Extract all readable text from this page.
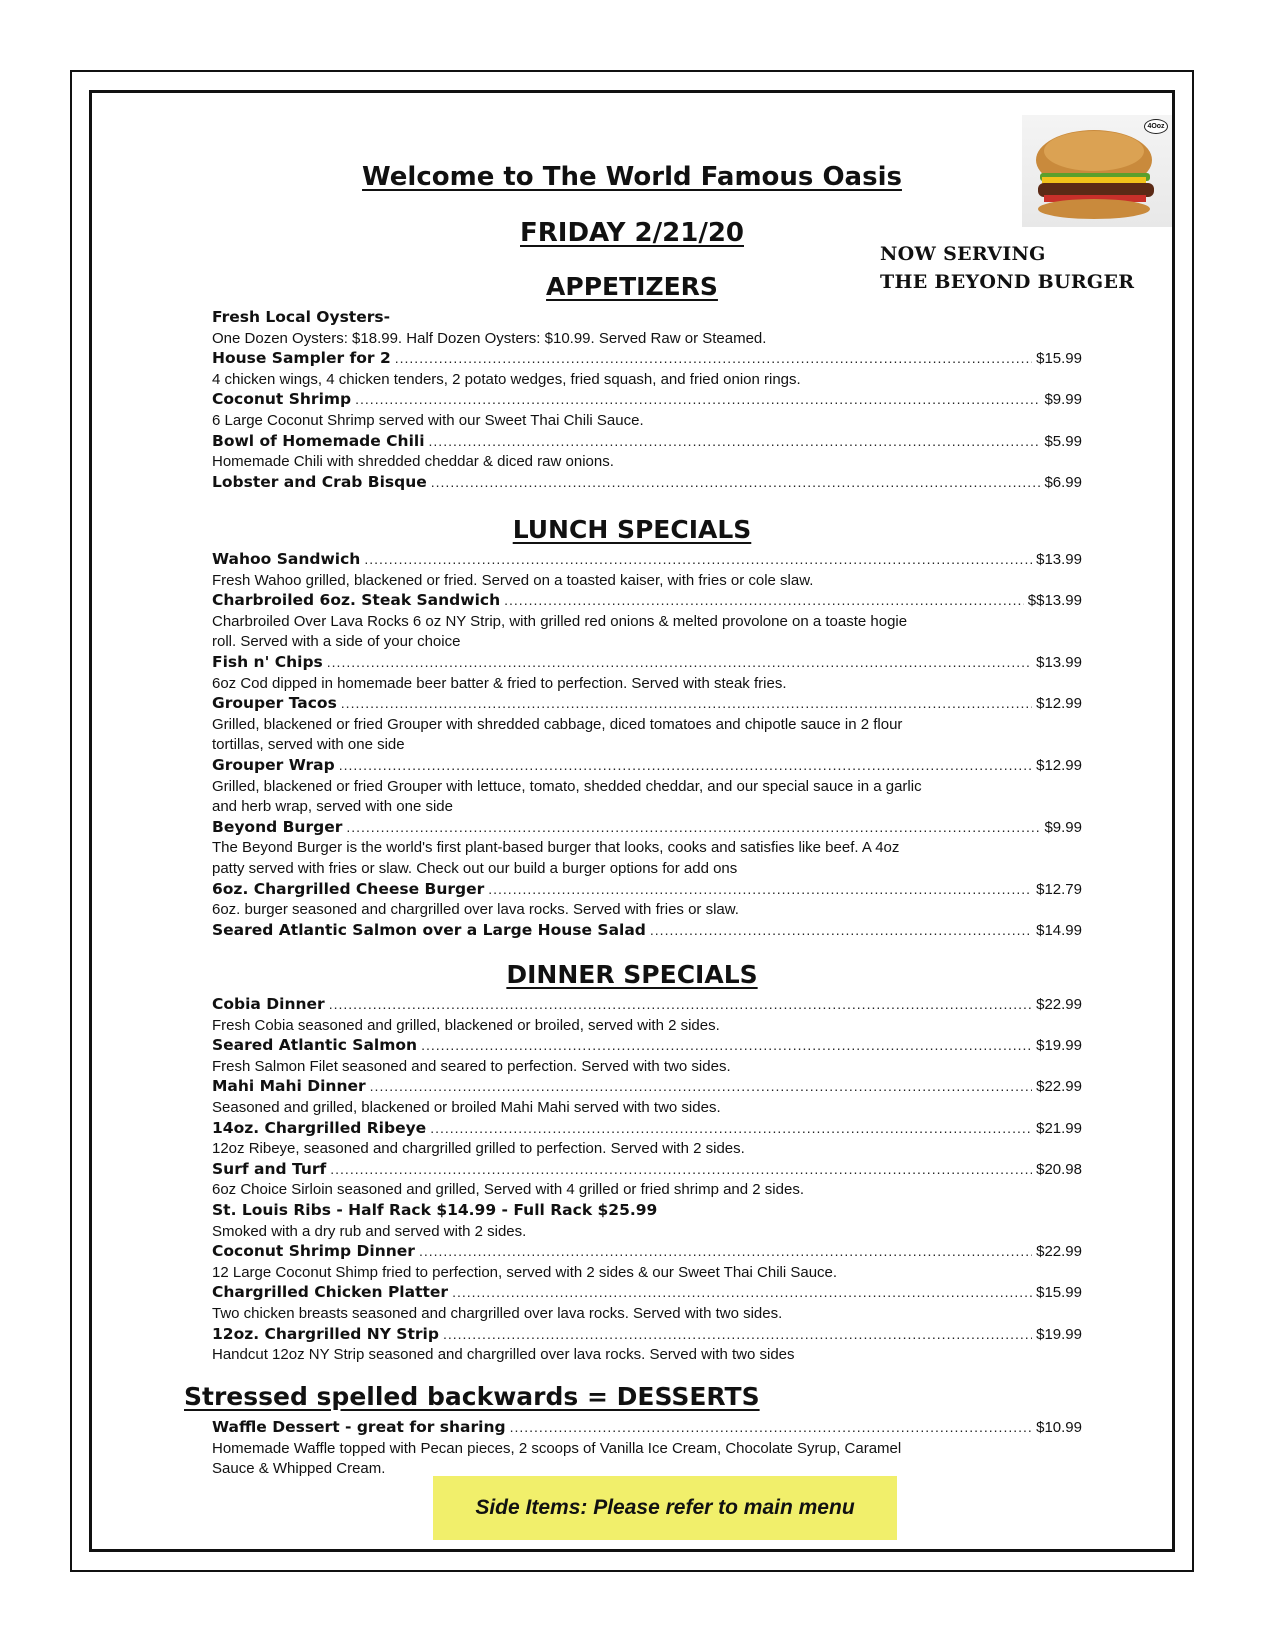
4Ooz
NOW SERVING
THE BEYOND BURGER
Welcome to The World Famous Oasis
FRIDAY 2/21/20
APPETIZERS
Fresh Local Oysters-
One Dozen Oysters: $18.99. Half Dozen Oysters: $10.99. Served Raw or Steamed.
House Sampler for 2 .....	$15.99
4 chicken wings, 4 chicken tenders, 2 potato wedges, fried squash, and fried onion rings.
Coconut Shrimp .....	$9.99
6 Large Coconut Shrimp served with our Sweet Thai Chili Sauce.
Bowl of Homemade Chili .....	$5.99
Homemade Chili with shredded cheddar & diced raw onions.
Lobster and Crab Bisque .....	$6.99
LUNCH SPECIALS
Wahoo Sandwich .....	$13.99
Fresh Wahoo grilled, blackened or fried. Served on a toasted kaiser, with fries or cole slaw.
Charbroiled 6oz. Steak Sandwich .....	$$13.99
Charbroiled Over Lava Rocks 6 oz NY Strip, with grilled red onions & melted provolone on a toaste hogie
roll. Served with a side of your choice
Fish n' Chips .....	$13.99
6oz Cod dipped in homemade beer batter & fried to perfection. Served with steak fries.
Grouper Tacos .....	$12.99
Grilled, blackened or fried Grouper with shredded cabbage, diced tomatoes and chipotle sauce in 2 flour
tortillas, served with one side
Grouper Wrap .....	$12.99
Grilled, blackened or fried Grouper with lettuce, tomato, shedded cheddar, and our special sauce in a garlic
and herb wrap, served with one side
Beyond Burger .....	$9.99
The Beyond Burger is the world's first plant-based burger that looks, cooks and satisfies like beef. A 4oz
patty served with fries or slaw. Check out our build a burger options for add ons
6oz. Chargrilled Cheese Burger .....	$12.79
6oz. burger seasoned and chargrilled over lava rocks. Served with fries or slaw.
Seared Atlantic Salmon over a Large House Salad .....	$14.99
DINNER SPECIALS
Cobia Dinner .....	$22.99
Fresh Cobia seasoned and grilled, blackened or broiled, served with 2 sides.
Seared Atlantic Salmon .....	$19.99
Fresh Salmon Filet seasoned and seared to perfection. Served with two sides.
Mahi Mahi Dinner .....	$22.99
Seasoned and grilled, blackened or broiled Mahi Mahi served with two sides.
14oz. Chargrilled Ribeye .....	$21.99
12oz Ribeye, seasoned and chargrilled grilled to perfection. Served with 2 sides.
Surf and Turf .....	$20.98
6oz Choice Sirloin seasoned and grilled, Served with 4 grilled or fried shrimp and 2 sides.
St. Louis Ribs - Half Rack $14.99 - Full Rack $25.99
Smoked with a dry rub and served with 2 sides.
Coconut Shrimp Dinner .....	$22.99
12 Large Coconut Shimp fried to perfection, served with 2 sides & our Sweet Thai Chili Sauce.
Chargrilled Chicken Platter .....	$15.99
Two chicken breasts seasoned and chargrilled over lava rocks. Served with two sides.
12oz. Chargrilled NY Strip .....	$19.99
Handcut 12oz NY Strip seasoned and chargrilled over lava rocks. Served with two sides
Stressed spelled backwards = DESSERTS
Waffle Dessert - great for sharing .....	$10.99
Homemade Waffle topped with Pecan pieces, 2 scoops of Vanilla Ice Cream, Chocolate Syrup, Caramel
Sauce & Whipped Cream.
Side Items: Please refer to main menu
